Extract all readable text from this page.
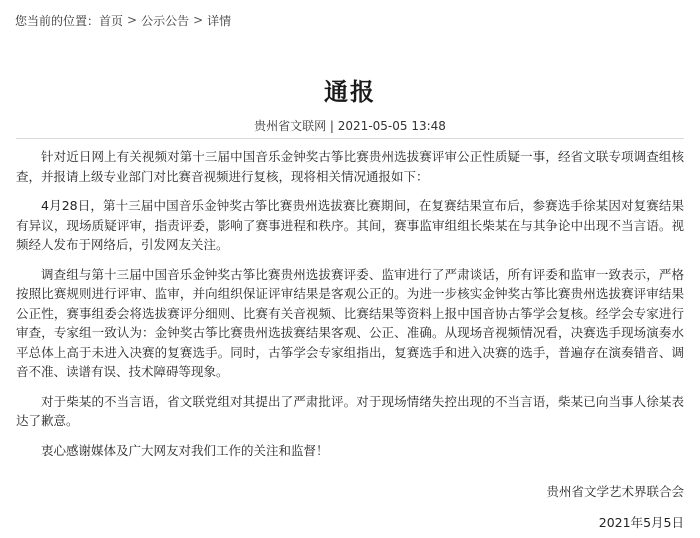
您当前的位置： 首页 > 公示公告 > 详情
通报
贵州省文联网 | 2021-05-05 13:48

针对近日网上有关视频对第十三届中国音乐金钟奖古筝比赛贵州选拔赛评审公正性质疑一事，经省文联专项调查组核查，并报请上级专业部门对比赛音视频进行复核，现将相关情况通报如下：

4月28日，第十三届中国音乐金钟奖古筝比赛贵州选拔赛比赛期间，在复赛结果宣布后，参赛选手徐某因对复赛结果有异议，现场质疑评审，指责评委，影响了赛事进程和秩序。其间，赛事监审组组长柴某在与其争论中出现不当言语。视频经人发布于网络后，引发网友关注。

调查组与第十三届中国音乐金钟奖古筝比赛贵州选拔赛评委、监审进行了严肃谈话，所有评委和监审一致表示，严格按照比赛规则进行评审、监审，并向组织保证评审结果是客观公正的。为进一步核实金钟奖古筝比赛贵州选拔赛评审结果公正性，赛事组委会将选拔赛评分细则、比赛有关音视频、比赛结果等资料上报中国音协古筝学会复核。经学会专家进行审查，专家组一致认为：金钟奖古筝比赛贵州选拔赛结果客观、公正、准确。从现场音视频情况看，决赛选手现场演奏水平总体上高于未进入决赛的复赛选手。同时，古筝学会专家组指出，复赛选手和进入决赛的选手，普遍存在演奏错音、调音不准、读谱有误、技术障碍等现象。

对于柴某的不当言语，省文联党组对其提出了严肃批评。对于现场情绪失控出现的不当言语，柴某已向当事人徐某表达了歉意。

衷心感谢媒体及广大网友对我们工作的关注和监督！

贵州省文学艺术界联合会
2021年5月5日
